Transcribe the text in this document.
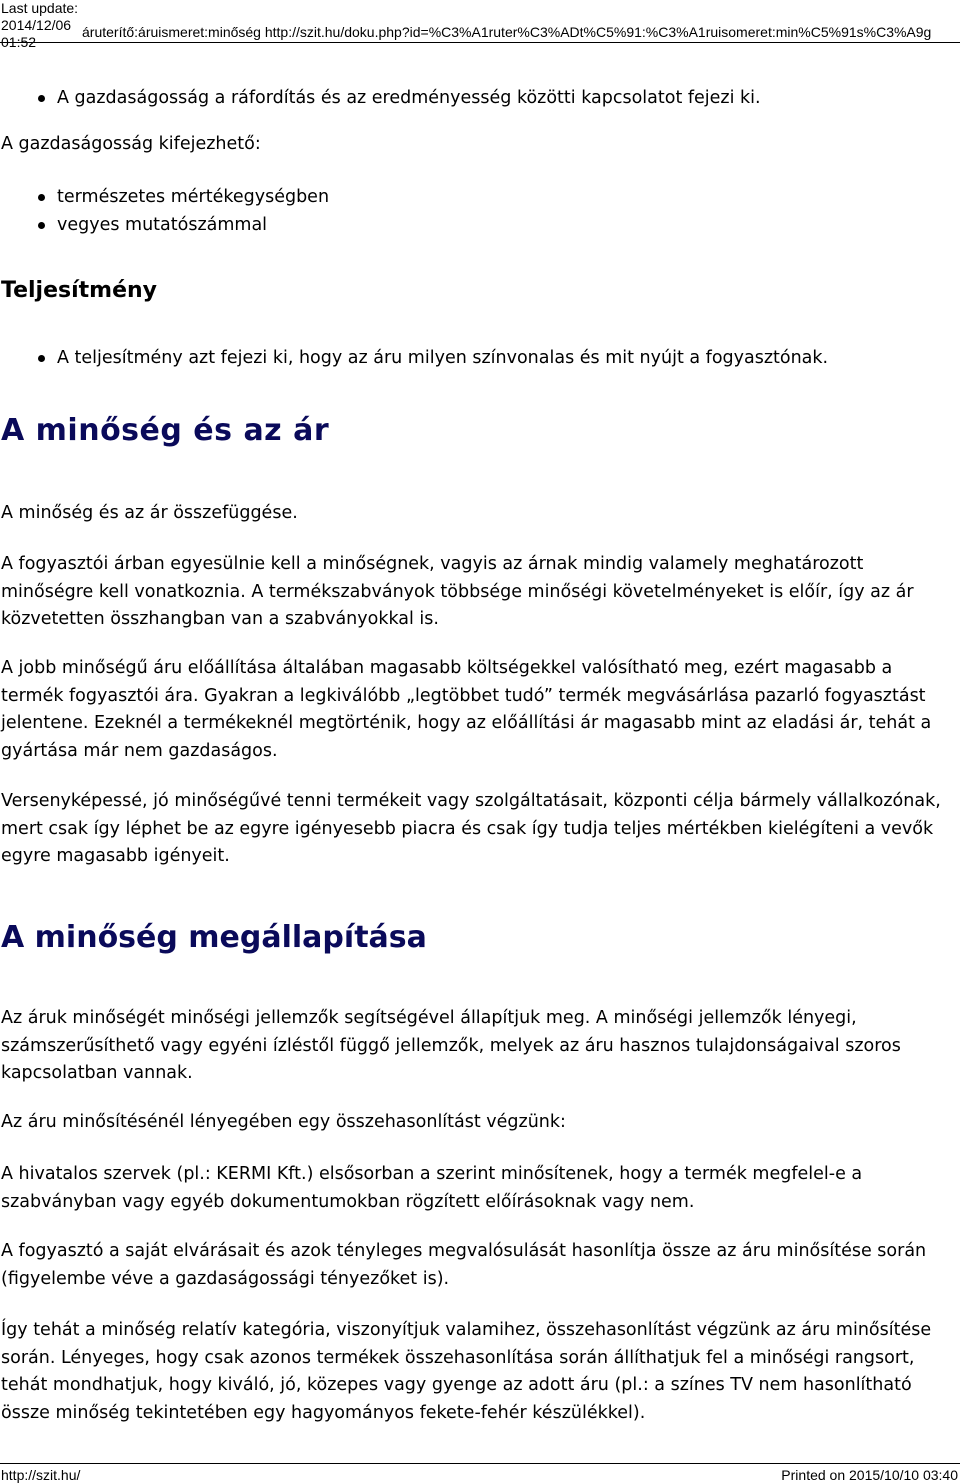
Last update:
2014/12/06 01:52
áruterítő:áruismeret:minőség http://szit.hu/doku.php?id=%C3%A1ruter%C3%ADt%C5%91:%C3%A1ruisomeret:min%C5%91s%C3%A9g
A gazdaságosság a ráfordítás és az eredményesség közötti kapcsolatot fejezi ki.

A gazdaságosság kifejezhető:

természetes mértékegységben
vegyes mutatószámmal
Teljesítmény
A teljesítmény azt fejezi ki, hogy az áru milyen színvonalas és mit nyújt a fogyasztónak.
A minőség és az ár

A minőség és az ár összefüggése.

A fogyasztói árban egyesülnie kell a minőségnek, vagyis az árnak mindig valamely meghatározott minőségre kell vonatkoznia. A termékszabványok többsége minőségi követelményeket is előír, így az ár közvetetten összhangban van a szabványokkal is.

A jobb minőségű áru előállítása általában magasabb költségekkel valósítható meg, ezért magasabb a termék fogyasztói ára. Gyakran a legkiválóbb „legtöbbet tudó” termék megvásárlása pazarló fogyasztást jelentene. Ezeknél a termékeknél megtörténik, hogy az előállítási ár magasabb mint az eladási ár, tehát a gyártása már nem gazdaságos.

Versenyképessé, jó minőségűvé tenni termékeit vagy szolgáltatásait, központi célja bármely vállalkozónak, mert csak így léphet be az egyre igényesebb piacra és csak így tudja teljes mértékben kielégíteni a vevők egyre magasabb igényeit.

A minőség megállapítása

Az áruk minőségét minőségi jellemzők segítségével állapítjuk meg. A minőségi jellemzők lényegi, számszerűsíthető vagy egyéni ízléstől függő jellemzők, melyek az áru hasznos tulajdonságaival szoros kapcsolatban vannak.

Az áru minősítésénél lényegében egy összehasonlítást végzünk:

A hivatalos szervek (pl.: KERMI Kft.) elsősorban a szerint minősítenek, hogy a termék megfelel-e a szabványban vagy egyéb dokumentumokban rögzített előírásoknak vagy nem.

A fogyasztó a saját elvárásait és azok tényleges megvalósulását hasonlítja össze az áru minősítése során (figyelembe véve a gazdaságossági tényezőket is).

Így tehát a minőség relatív kategória, viszonyítjuk valamihez, összehasonlítást végzünk az áru minősítése során. Lényeges, hogy csak azonos termékek összehasonlítása során állíthatjuk fel a minőségi rangsort, tehát mondhatjuk, hogy kiváló, jó, közepes vagy gyenge az adott áru (pl.: a színes TV nem hasonlítható össze minőség tekintetében egy hagyományos fekete-fehér készülékkel).

http://szit.hu/	Printed on 2015/10/10 03:40
